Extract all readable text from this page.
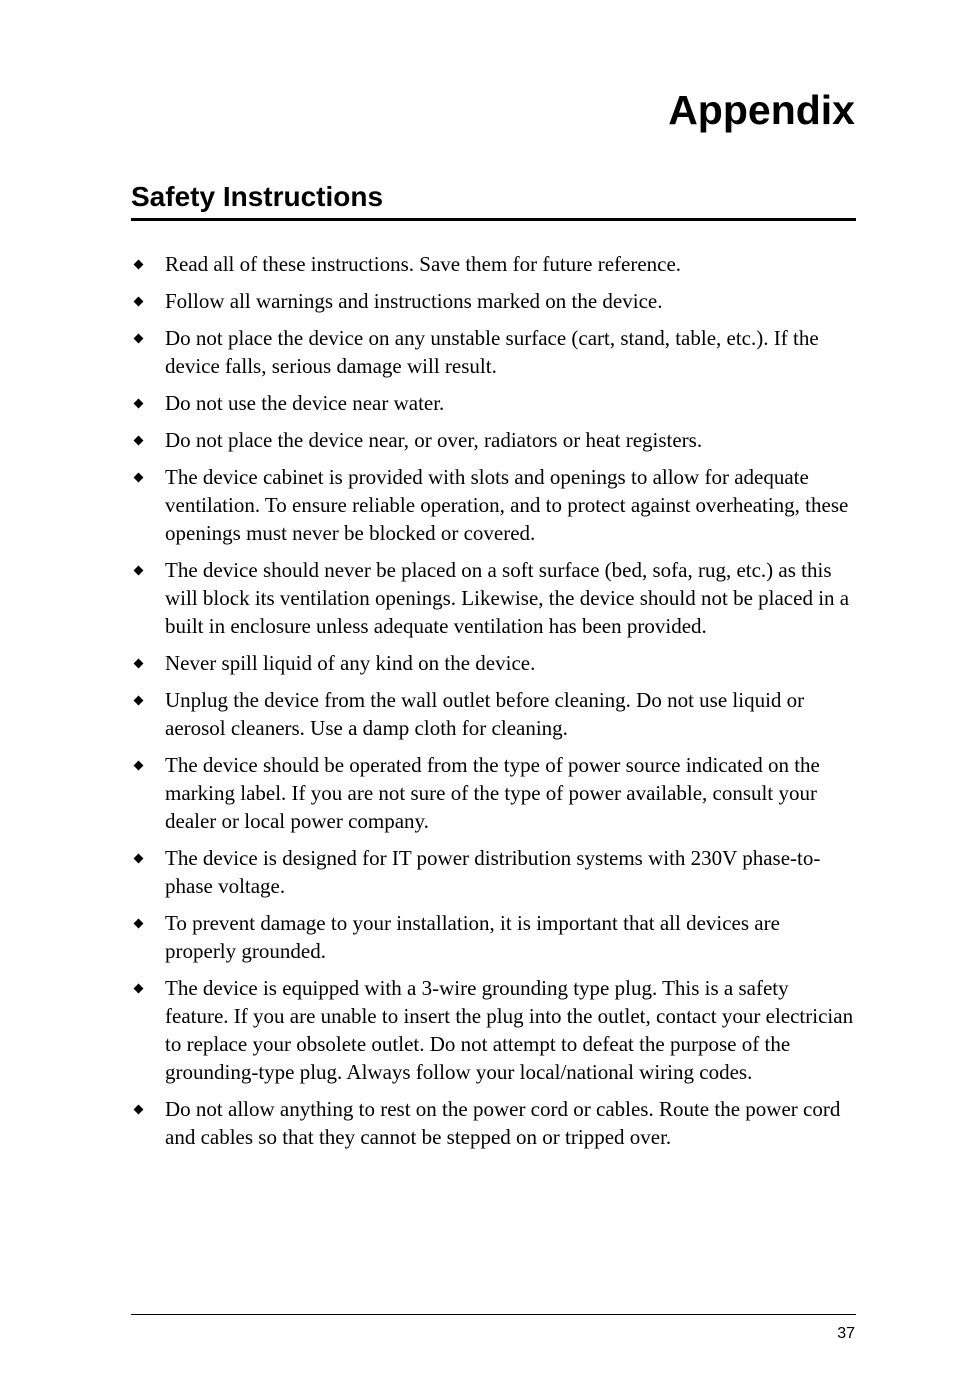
Appendix
Safety Instructions
Read all of these instructions. Save them for future reference.
Follow all warnings and instructions marked on the device.
Do not place the device on any unstable surface (cart, stand, table, etc.). If the device falls, serious damage will result.
Do not use the device near water.
Do not place the device near, or over, radiators or heat registers.
The device cabinet is provided with slots and openings to allow for adequate ventilation. To ensure reliable operation, and to protect against overheating, these openings must never be blocked or covered.
The device should never be placed on a soft surface (bed, sofa, rug, etc.) as this will block its ventilation openings. Likewise, the device should not be placed in a built in enclosure unless adequate ventilation has been provided.
Never spill liquid of any kind on the device.
Unplug the device from the wall outlet before cleaning. Do not use liquid or aerosol cleaners. Use a damp cloth for cleaning.
The device should be operated from the type of power source indicated on the marking label. If you are not sure of the type of power available, consult your dealer or local power company.
The device is designed for IT power distribution systems with 230V phase-to-phase voltage.
To prevent damage to your installation, it is important that all devices are properly grounded.
The device is equipped with a 3-wire grounding type plug. This is a safety feature. If you are unable to insert the plug into the outlet, contact your electrician to replace your obsolete outlet. Do not attempt to defeat the purpose of the grounding-type plug. Always follow your local/national wiring codes.
Do not allow anything to rest on the power cord or cables. Route the power cord and cables so that they cannot be stepped on or tripped over.
37
